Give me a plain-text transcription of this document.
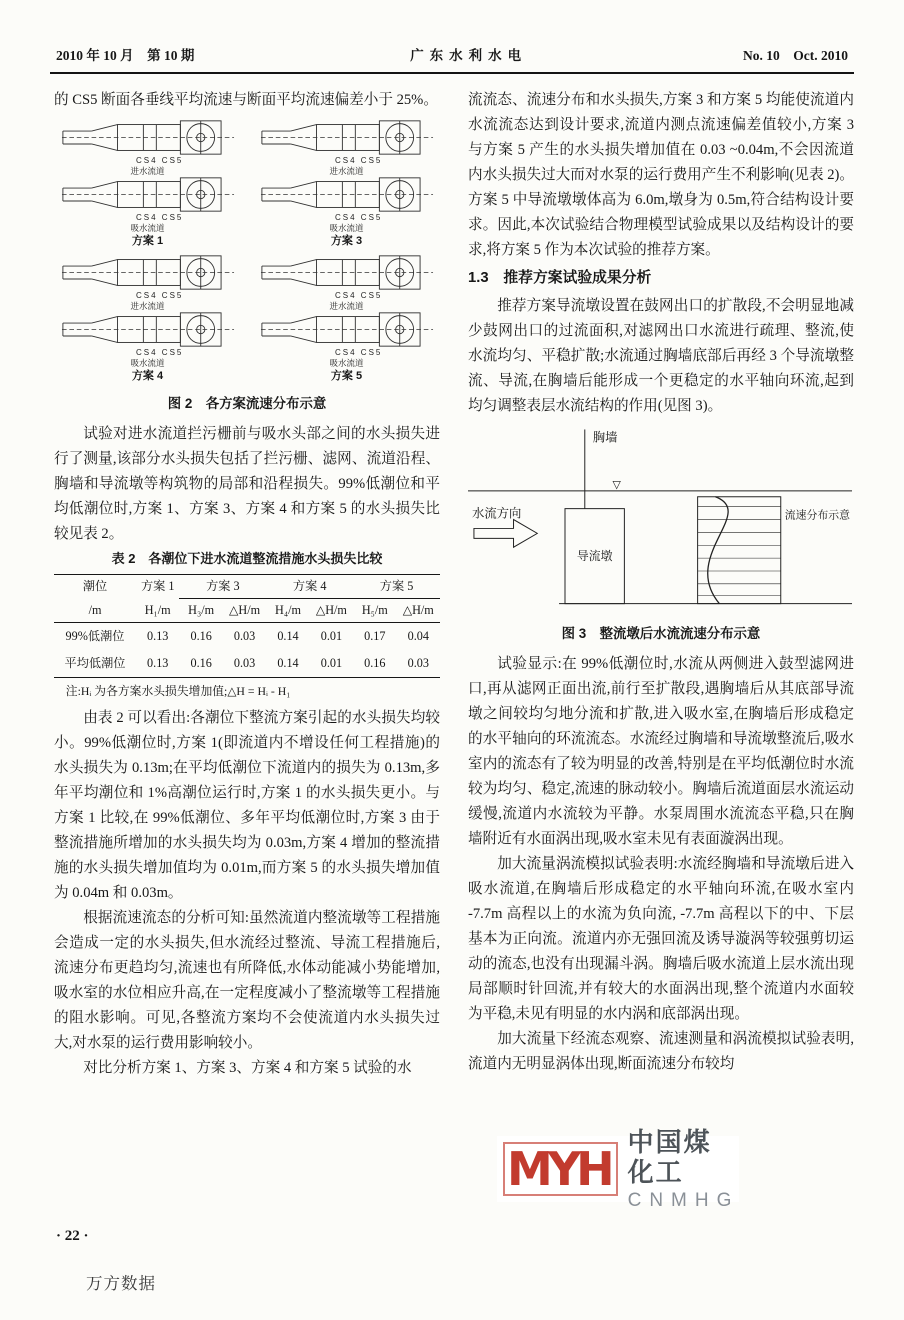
2010 年 10 月　第 10 期	广东水利水电	No. 10　Oct. 2010

的 CS5 断面各垂线平均流速与断面平均流速偏差小于 25%。

CS4 CS5
进水流道
CS4 CS5
吸水流道
方案 1
CS4 CS5
进水流道
CS4 CS5
吸水流道
方案 3
CS4 CS5
进水流道
CS4 CS5
吸水流道
方案 4
CS4 CS5
进水流道
CS4 CS5
吸水流道
方案 5
图 2　各方案流速分布示意

试验对进水流道拦污栅前与吸水头部之间的水头损失进行了测量,该部分水头损失包括了拦污栅、滤网、流道沿程、胸墙和导流墩等构筑物的局部和沿程损失。99%低潮位和平均低潮位时,方案 1、方案 3、方案 4 和方案 5 的水头损失比较见表 2。

表 2　各潮位下进水流道整流措施水头损失比较
潮位	方案 1	方案 3		方案 4		方案 5	
/m	H₁/m	H₃/m	△H/m	H₄/m	△H/m	H₅/m	△H/m
99%低潮位	0.13	0.16	0.03	0.14	0.01	0.17	0.04
平均低潮位	0.13	0.16	0.03	0.14	0.01	0.16	0.03
注:Hᵢ 为各方案水头损失增加值;△H = Hᵢ - H₁

由表 2 可以看出:各潮位下整流方案引起的水头损失均较小。99%低潮位时,方案 1(即流道内不增设任何工程措施)的水头损失为 0.13m;在平均低潮位下流道内的损失为 0.13m,多年平均潮位和 1%高潮位运行时,方案 1 的水头损失更小。与方案 1 比较,在 99%低潮位、多年平均低潮位时,方案 3 由于整流措施所增加的水头损失均为 0.03m,方案 4 增加的整流措施的水头损失增加值均为 0.01m,而方案 5 的水头损失增加值为 0.04m 和 0.03m。

根据流速流态的分析可知:虽然流道内整流墩等工程措施会造成一定的水头损失,但水流经过整流、导流工程措施后,流速分布更趋均匀,流速也有所降低,水体动能减小势能增加,吸水室的水位相应升高,在一定程度减小了整流墩等工程措施的阻水影响。可见,各整流方案均不会使流道内水头损失过大,对水泵的运行费用影响较小。

对比分析方案 1、方案 3、方案 4 和方案 5 试验的水

流流态、流速分布和水头损失,方案 3 和方案 5 均能使流道内水流流态达到设计要求,流道内测点流速偏差值较小,方案 3 与方案 5 产生的水头损失增加值在 0.03 ~0.04m,不会因流道内水头损失过大而对水泵的运行费用产生不利影响(见表 2)。方案 5 中导流墩墩体高为 6.0m,墩身为 0.5m,符合结构设计要求。因此,本次试验结合物理模型试验成果以及结构设计的要求,将方案 5 作为本次试验的推荐方案。

1.3　推荐方案试验成果分析

推荐方案导流墩设置在鼓网出口的扩散段,不会明显地减少鼓网出口的过流面积,对滤网出口水流进行疏理、整流,使水流均匀、平稳扩散;水流通过胸墙底部后再经 3 个导流墩整流、导流,在胸墙后能形成一个更稳定的水平轴向环流,起到均匀调整表层水流结构的作用(见图 3)。

胸墙
▽
水流方向
导流墩
流速分布示意
图 3　整流墩后水流流速分布示意

试验显示:在 99%低潮位时,水流从两侧进入鼓型滤网进口,再从滤网正面出流,前行至扩散段,遇胸墙后从其底部导流墩之间较均匀地分流和扩散,进入吸水室,在胸墙后形成稳定的水平轴向的环流流态。水流经过胸墙和导流墩整流后,吸水室内的流态有了较为明显的改善,特别是在平均低潮位时水流较为均匀、稳定,流速的脉动较小。胸墙后流道面层水流运动缓慢,流道内水流较为平静。水泵周围水流流态平稳,只在胸墙附近有水面涡出现,吸水室未见有表面漩涡出现。

加大流量涡流模拟试验表明:水流经胸墙和导流墩后进入吸水流道,在胸墙后形成稳定的水平轴向环流,在吸水室内 -7.7m 高程以上的水流为负向流, -7.7m 高程以下的中、下层基本为正向流。流道内亦无强回流及诱导漩涡等较强剪切运动的流态,也没有出现漏斗涡。胸墙后吸水流道上层水流出现局部顺时针回流,并有较大的水面涡出现,整个流道内水面较为平稳,未见有明显的水内涡和底部涡出现。

加大流量下经流态观察、流速测量和涡流模拟试验表明,流道内无明显涡体出现,断面流速分布较均

MYH
中国煤化工
CNMHG
· 22 ·
万方数据
